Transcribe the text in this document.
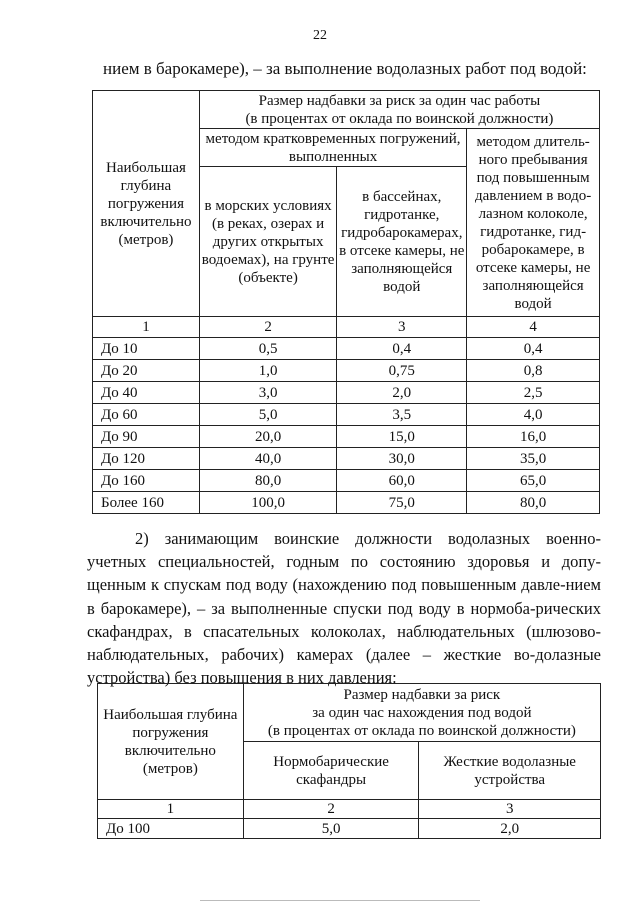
22
нием в барокамере), – за выполнение водолазных работ под водой:
Наибольшая глубина погружения включительно (метров)	Размер надбавки за риск за один час работы
(в процентах от оклада по воинской должности)		

	методом кратковременных погружений, выполненных		методом длитель-ного пребывания под повышенным давлением в водо-лазном колоколе, гидротанке, гид-робарокамере, в отсеке камеры, не заполняющейся водой
	в морских условиях (в реках, озерах и других открытых водоемах), на грунте (объекте)	в бассейнах, гидротанке, гидробарокамерах, в отсеке камеры, не заполняющейся водой	
1	2	3	4
До 10	0,5	0,4	0,4
До 20	1,0	0,75	0,8
До 40	3,0	2,0	2,5
До 60	5,0	3,5	4,0
До 90	20,0	15,0	16,0
До 120	40,0	30,0	35,0
До 160	80,0	60,0	65,0
Более 160	100,0	75,0	80,0

2) занимающим воинские должности водолазных военно-учетных специальностей, годным по состоянию здоровья и допу-щенным к спускам под воду (нахождению под повышенным давле-нием в барокамере), – за выполненные спуски под воду в нормоба-рических скафандрах, в спасательных колоколах, наблюдательных (шлюзово-наблюдательных, рабочих) камерах (далее – жесткие во-долазные устройства) без повышения в них давления:

Наибольшая глубина погружения включительно (метров)	Размер надбавки за риск
за один час нахождения под водой
(в процентах от оклада по воинской должности)	

	Нормобарические скафандры	Жесткие водолазные устройства
1	2	3
До 100	5,0	2,0
